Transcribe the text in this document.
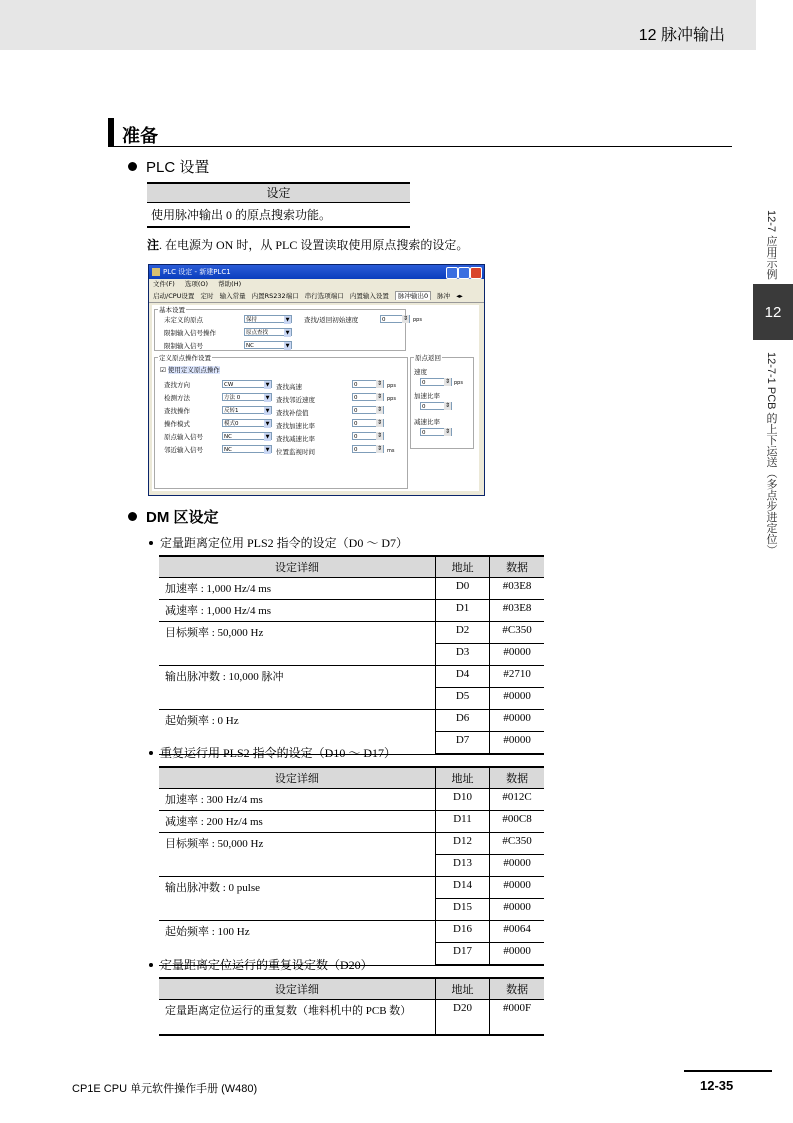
12 脉冲输出
12-7 应用示例
12
12-7-1 PCB 的上下运送（多点步进定位）
准备
PLC 设置
设定
使用脉冲输出 0 的原点搜索功能。
注. 在电源为 ON 时，从 PLC 设置读取使用原点搜索的设定。
PLC 设定 - 新建PLC1
文件(F) 选项(O) 帮助(H)
启动/CPU设置 定时 输入常量 内置RS232端口 串行选项端口 内置输入设置 脉冲输出0 脉冲 ◂▸
基本设置
未定义的原点	保持 ▼
限制输入信号操作	原点查找 ▼
限制输入信号	NC ▼
查找/返回初始速度	0 ⇕	pps
定义原点操作设置
☑ 使用定义原点操作
查找方向	CW ▼
检测方法	方法 0 ▼
查找操作	反转1 ▼
操作模式	模式0 ▼
原点输入信号	NC ▼
邻近输入信号	NC ▼
查找高速	0 ⇕	pps
查找邻近速度	0 ⇕	pps
查找补偿值	0 ⇕
查找加速比率	0 ⇕
查找减速比率	0 ⇕
位置监视时间	0 ⇕	ms
原点返回
速度
0 ⇕	pps
加速比率
0 ⇕
减速比率
0 ⇕
DM 区设定
定量距离定位用 PLS2 指令的设定（D0 ～ D7）
设定详细	地址	数据
加速率 : 1,000 Hz/4 ms	D0	#03E8
减速率 : 1,000 Hz/4 ms	D1	#03E8
目标频率 : 50,000 Hz	D2	#C350
	D3	#0000
输出脉冲数 : 10,000 脉冲	D4	#2710
	D5	#0000
起始频率 : 0 Hz	D6	#0000
	D7	#0000
重复运行用 PLS2 指令的设定（D10 ～ D17）
设定详细	地址	数据
加速率 : 300 Hz/4 ms	D10	#012C
减速率 : 200 Hz/4 ms	D11	#00C8
目标频率 : 50,000 Hz	D12	#C350
	D13	#0000
输出脉冲数 : 0 pulse	D14	#0000
	D15	#0000
起始频率 : 100 Hz	D16	#0064
	D17	#0000
定量距离定位运行的重复设定数（D20）
设定详细	地址	数据
定量距离定位运行的重复数（堆料机中的 PCB 数）	D20	#000F
CP1E CPU 单元软件操作手册 (W480)	12-35
